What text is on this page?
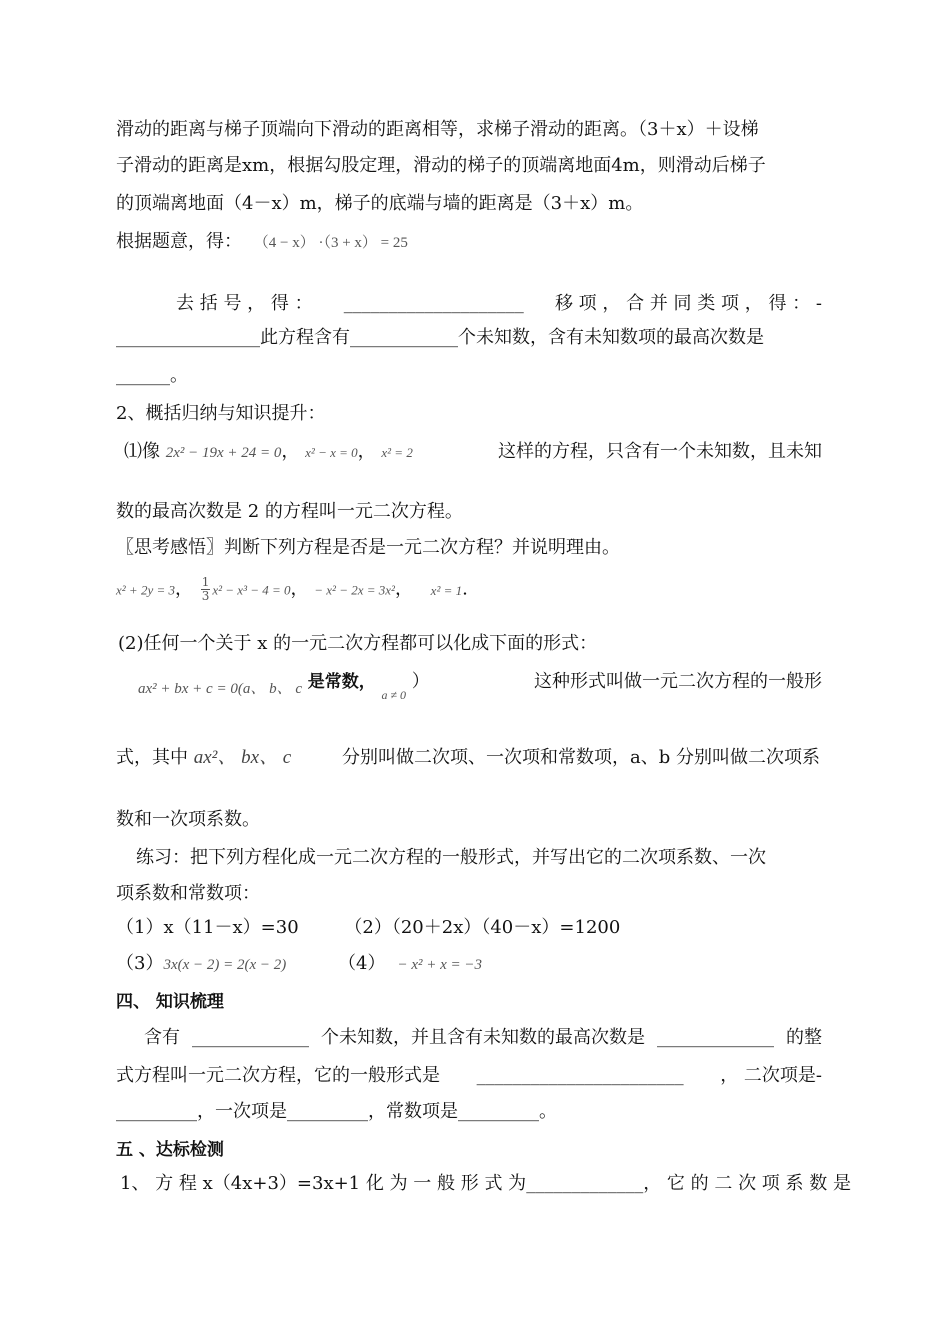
滑动的距离与梯子顶端向下滑动的距离相等，求梯子滑动的距离。（3＋x）＋设梯
子滑动的距离是xm，根据勾股定理，滑动的梯子的顶端离地面4m，则滑动后梯子
的顶端离地面（4－x）m，梯子的底端与墙的距离是（3＋x）m。
根据题意，得： （4 − x） ·（3 + x） = 25
去 括 号 ， 得 ： ____________________ 移 项 ， 合 并 同 类 项 ， 得 ： -
________________此方程含有____________个未知数，含有未知数项的最高次数是
______。
2、概括归纳与知识提升：
⑴像 2x² − 19x + 24 = 0， x² − x = 0， x² = 2	这样的方程，只含有一个未知数，且未知
数的最高次数是 2 的方程叫一元二次方程。
〖思考感悟〗判断下列方程是否是一元二次方程？并说明理由。
x² + 2y = 3， $\frac{1}{3} x^2 - x^3 - 4 = 0$， − x² − 2x = 3x²， x² = 1.
(2)任何一个关于 x 的一元二次方程都可以化成下面的形式：
ax² + bx + c = 0(a、 b、 c 是常数， $_{a \ne 0}$ ）	这种形式叫做一元二次方程的一般形
式，其中 ax²、 bx、 c	分别叫做二次项、一次项和常数项，a、b 分别叫做二次项系
数和一次项系数。
练习：把下列方程化成一元二次方程的一般形式，并写出它的二次项系数、一次
项系数和常数项：
（1）x（11－x）=30	（2）（20＋2x）（40－x）=1200
（3）3x(x − 2) = 2(x − 2)	（4） − x² + x = −3
四、 知识梳理
含有 _____________ 个未知数，并且含有未知数的最高次数是 _____________ 的整
式方程叫一元二次方程，它的一般形式是 _______________________ ， 二次项是-
_________，一次项是_________，常数项是_________。
五 、达标检测
1、 方 程 x（4x+3）=3x+1 化 为 一 般 形 式 为 _____________ ， 它 的 二 次 项 系 数 是
